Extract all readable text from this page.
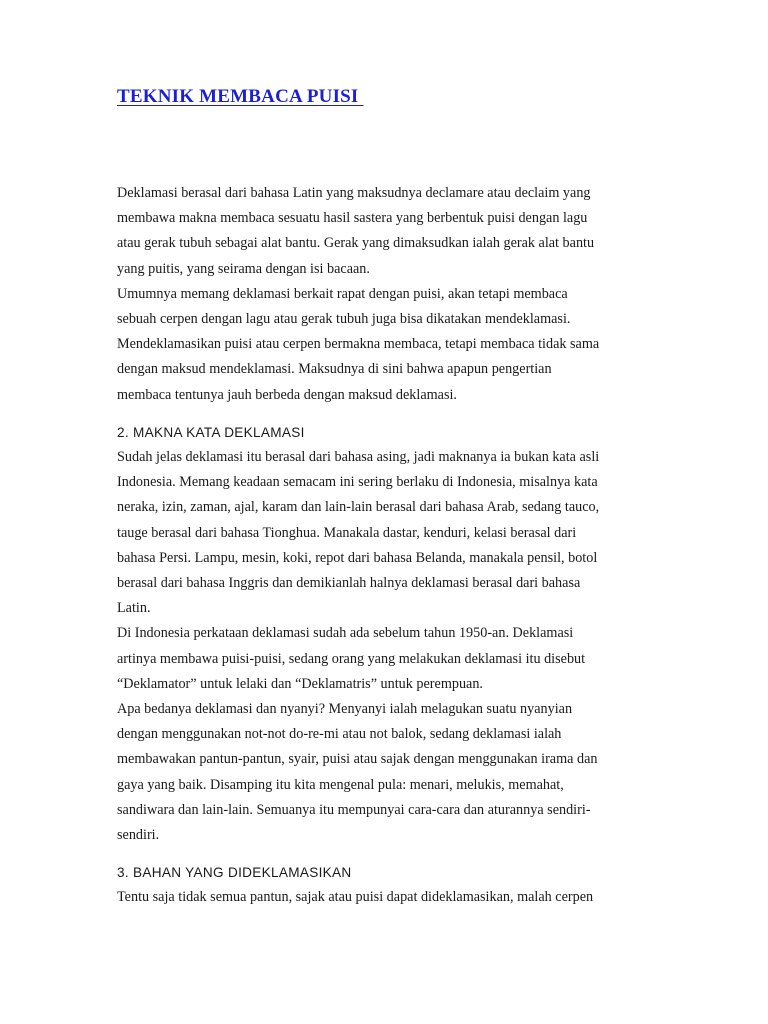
TEKNIK MEMBACA PUISI

Deklamasi berasal dari bahasa Latin yang maksudnya declamare atau declaim yang
membawa makna membaca sesuatu hasil sastera yang berbentuk puisi dengan lagu
atau gerak tubuh sebagai alat bantu. Gerak yang dimaksudkan ialah gerak alat bantu
yang puitis, yang seirama dengan isi bacaan.

Umumnya memang deklamasi berkait rapat dengan puisi, akan tetapi membaca
sebuah cerpen dengan lagu atau gerak tubuh juga bisa dikatakan mendeklamasi.
Mendeklamasikan puisi atau cerpen bermakna membaca, tetapi membaca tidak sama
dengan maksud mendeklamasi. Maksudnya di sini bahwa apapun pengertian
membaca tentunya jauh berbeda dengan maksud deklamasi.

2. MAKNA KATA DEKLAMASI

Sudah jelas deklamasi itu berasal dari bahasa asing, jadi maknanya ia bukan kata asli
Indonesia. Memang keadaan semacam ini sering berlaku di Indonesia, misalnya kata
neraka, izin, zaman, ajal, karam dan lain-lain berasal dari bahasa Arab, sedang tauco,
tauge berasal dari bahasa Tionghua. Manakala dastar, kenduri, kelasi berasal dari
bahasa Persi. Lampu, mesin, koki, repot dari bahasa Belanda, manakala pensil, botol
berasal dari bahasa Inggris dan demikianlah halnya deklamasi berasal dari bahasa
Latin.

Di Indonesia perkataan deklamasi sudah ada sebelum tahun 1950-an. Deklamasi
artinya membawa puisi-puisi, sedang orang yang melakukan deklamasi itu disebut
“Deklamator” untuk lelaki dan “Deklamatris” untuk perempuan.

Apa bedanya deklamasi dan nyanyi? Menyanyi ialah melagukan suatu nyanyian
dengan menggunakan not-not do-re-mi atau not balok, sedang deklamasi ialah
membawakan pantun-pantun, syair, puisi atau sajak dengan menggunakan irama dan
gaya yang baik. Disamping itu kita mengenal pula: menari, melukis, memahat,
sandiwara dan lain-lain. Semuanya itu mempunyai cara-cara dan aturannya sendiri-
sendiri.

3. BAHAN YANG DIDEKLAMASIKAN

Tentu saja tidak semua pantun, sajak atau puisi dapat dideklamasikan, malah cerpen
